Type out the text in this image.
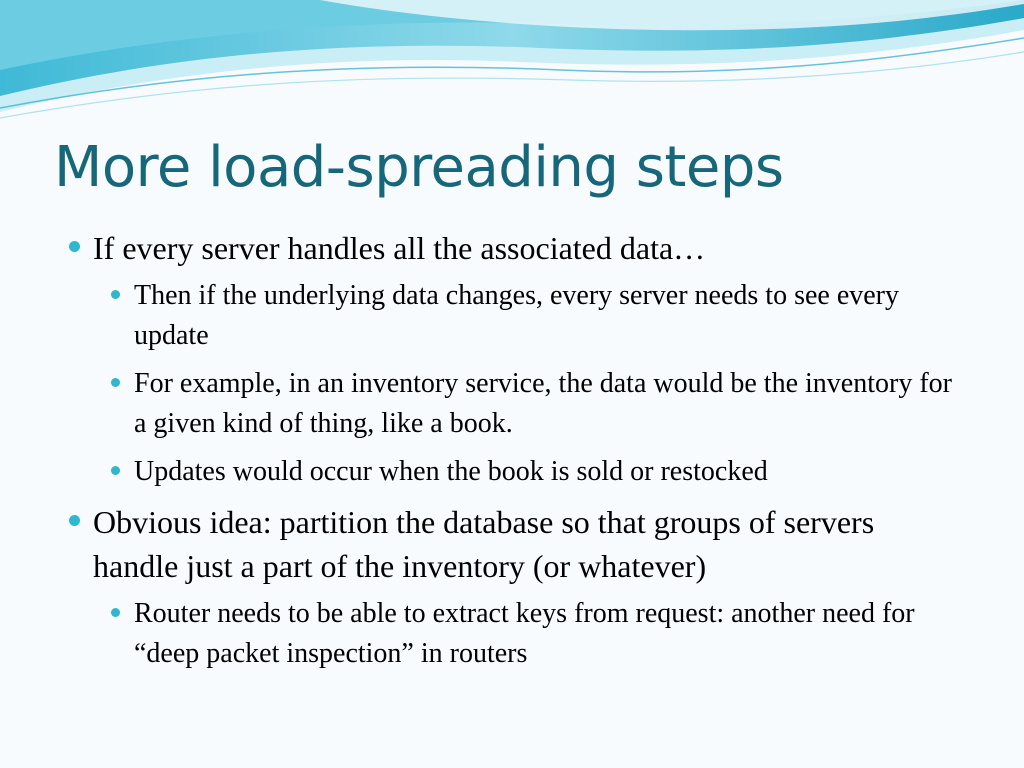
More load-spreading steps
If every server handles all the associated data…
Then if the underlying data changes, every server needs to see every update
For example, in an inventory service, the data would be the inventory for a given kind of thing, like a book.
Updates would occur when the book is sold or restocked
Obvious idea: partition the database so that groups of servers handle just a part of the inventory (or whatever)
Router needs to be able to extract keys from request: another need for “deep packet inspection” in routers
